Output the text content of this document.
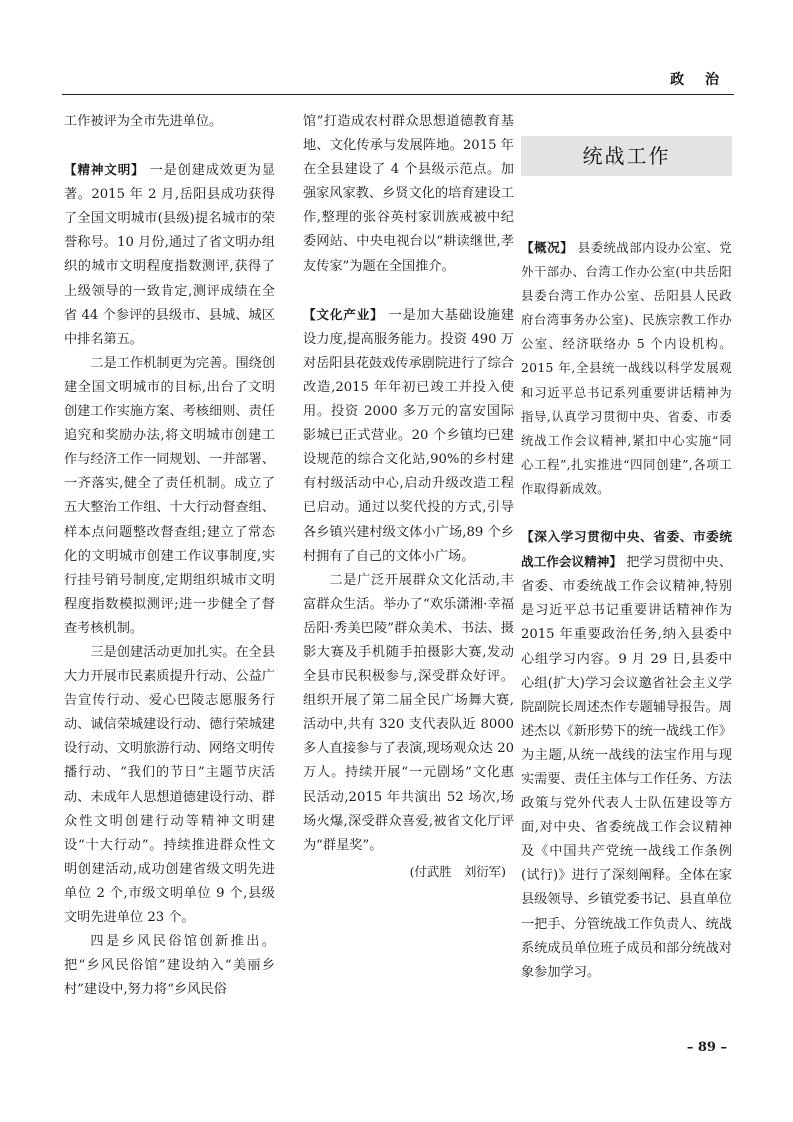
政 治

工作被评为全市先进单位。

【精神文明】 一是创建成效更为显著。2015 年 2 月,岳阳县成功获得了全国文明城市(县级)提名城市的荣誉称号。10 月份,通过了省文明办组织的城市文明程度指数测评,获得了上级领导的一致肯定,测评成绩在全省 44 个参评的县级市、县城、城区中排名第五。

二是工作机制更为完善。围绕创建全国文明城市的目标,出台了文明创建工作实施方案、考核细则、责任追究和奖励办法,将文明城市创建工作与经济工作一同规划、一并部署、一齐落实,健全了责任机制。成立了五大整治工作组、十大行动督查组、样本点问题整改督查组;建立了常态化的文明城市创建工作议事制度,实行挂号销号制度,定期组织城市文明程度指数模拟测评;进一步健全了督查考核机制。

三是创建活动更加扎实。在全县大力开展市民素质提升行动、公益广告宣传行动、爱心巴陵志愿服务行动、诚信荣城建设行动、德行荣城建设行动、文明旅游行动、网络文明传播行动、“我们的节日”主题节庆活动、未成年人思想道德建设行动、群众性文明创建行动等精神文明建设“十大行动”。持续推进群众性文明创建活动,成功创建省级文明先进单位 2 个,市级文明单位 9 个,县级文明先进单位 23 个。

四是乡风民俗馆创新推出。把“乡风民俗馆”建设纳入“美丽乡村”建设中,努力将“乡风民俗

馆”打造成农村群众思想道德教育基地、文化传承与发展阵地。2015 年在全县建设了 4 个县级示范点。加强家风家教、乡贤文化的培育建设工作,整理的张谷英村家训族戒被中纪委网站、中央电视台以“耕读继世,孝友传家”为题在全国推介。

【文化产业】 一是加大基础设施建设力度,提高服务能力。投资 490 万对岳阳县花鼓戏传承剧院进行了综合改造,2015 年年初已竣工并投入使用。投资 2000 多万元的富安国际影城已正式营业。20 个乡镇均已建设规范的综合文化站,90%的乡村建有村级活动中心,启动升级改造工程已启动。通过以奖代投的方式,引导各乡镇兴建村级文体小广场,89 个乡村拥有了自己的文体小广场。

二是广泛开展群众文化活动,丰富群众生活。举办了“欢乐潇湘·幸福岳阳·秀美巴陵”群众美术、书法、摄影大赛及手机随手拍摄影大赛,发动全县市民积极参与,深受群众好评。组织开展了第二届全民广场舞大赛,活动中,共有 320 支代表队近 8000 多人直接参与了表演,现场观众达 20 万人。持续开展“一元剧场”文化惠民活动,2015 年共演出 52 场次,场场火爆,深受群众喜爱,被省文化厅评为“群星奖”。

(付武胜　刘衍军)
统战工作

【概况】 县委统战部内设办公室、党外干部办、台湾工作办公室(中共岳阳县委台湾工作办公室、岳阳县人民政府台湾事务办公室)、民族宗教工作办公室、经济联络办 5 个内设机构。2015 年,全县统一战线以科学发展观和习近平总书记系列重要讲话精神为指导,认真学习贯彻中央、省委、市委统战工作会议精神,紧扣中心实施“同心工程”,扎实推进“四同创建”,各项工作取得新成效。

【深入学习贯彻中央、省委、市委统战工作会议精神】 把学习贯彻中央、省委、市委统战工作会议精神,特别是习近平总书记重要讲话精神作为 2015 年重要政治任务,纳入县委中心组学习内容。9 月 29 日,县委中心组(扩大)学习会议邀省社会主义学院副院长周述杰作专题辅导报告。周述杰以《新形势下的统一战线工作》为主题,从统一战线的法宝作用与现实需要、责任主体与工作任务、方法政策与党外代表人士队伍建设等方面,对中央、省委统战工作会议精神及《中国共产党统一战线工作条例(试行)》进行了深刻阐释。全体在家县级领导、乡镇党委书记、县直单位一把手、分管统战工作负责人、统战系统成员单位班子成员和部分统战对象参加学习。

– 89 –
